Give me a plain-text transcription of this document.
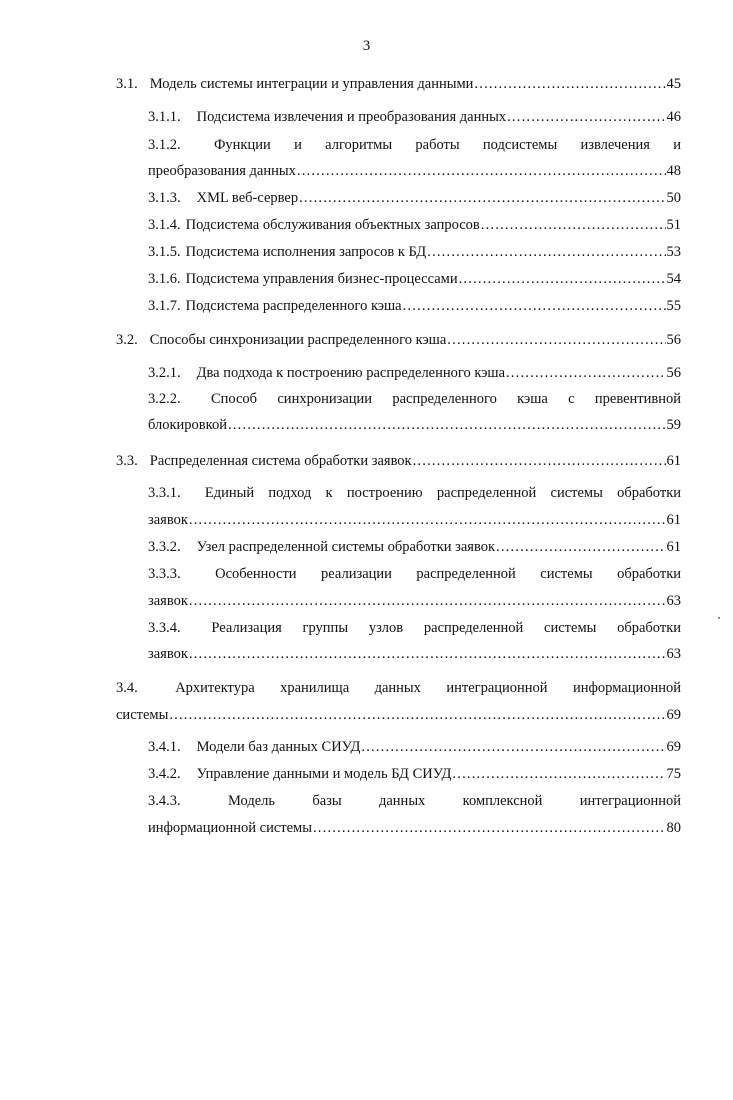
3
3.1. Модель системы интеграции и управления данными .....	45
3.1.1. Подсистема извлечения и преобразования данных .....	46
3.1.2. Функции и алгоритмы работы подсистемы извлечения и
преобразования данных .....	48
3.1.3. XML веб-сервер .....	50
3.1.4. Подсистема обслуживания объектных запросов .....	51
3.1.5. Подсистема исполнения запросов к БД .....	53
3.1.6. Подсистема управления бизнес-процессами .....	54
3.1.7. Подсистема распределенного кэша .....	55
3.2. Способы синхронизации распределенного кэша .....	56
3.2.1. Два подхода к построению распределенного кэша .....	56
3.2.2. Способ синхронизации распределенного кэша с превентивной
блокировкой .....	59
3.3. Распределенная система обработки заявок .....	61
3.3.1. Единый подход к построению распределенной системы обработки
заявок .....	61
3.3.2. Узел распределенной системы обработки заявок .....	61
3.3.3. Особенности реализации распределенной системы обработки
заявок .....	63
3.3.4. Реализация группы узлов распределенной системы обработки
заявок .....	63
3.4.	Архитектура хранилища данных интеграционной информационной
системы .....	69
3.4.1. Модели баз данных СИУД .....	69
3.4.2. Управление данными и модель БД СИУД .....	75
3.4.3.	Модель базы данных комплексной интеграционной
информационной системы .....	80
